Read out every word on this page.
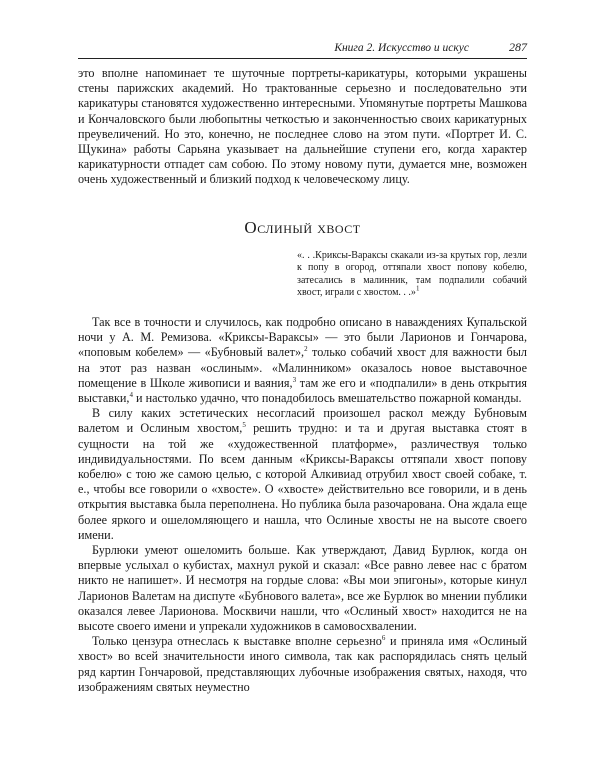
Книга 2. Искусство и искус	287

это вполне напоминает те шуточные портреты-карикатуры, которыми украшены стены парижских академий. Но трактованные серьезно и последовательно эти карикатуры становятся художественно интересными. Упомянутые портреты Машкова и Кончаловского были любопытны четкостью и законченностью своих карикатурных преувеличений. Но это, конечно, не последнее слово на этом пути. «Портрет И. С. Щукина» работы Сарьяна указывает на дальнейшие ступени его, когда характер карикатурности отпадет сам собою. По этому новому пути, думается мне, возможен очень художественный и близкий подход к человеческому лицу.

Ослиный хвост
«. . .Криксы-Вараксы скакали из-за крутых гор, лезли к попу в огород, оттяпали хвост попову кобелю, затесались в малинник, там подпалили собачий хвост, играли с хвостом. . .»$^1$

Так все в точности и случилось, как подробно описано в наваждениях Купальской ночи у А. М. Ремизова. «Криксы-Вараксы» — это были Ларионов и Гончарова, «поповым кобелем» — «Бубновый валет»,$^2$ только собачий хвост для важности был на этот раз назван «ослиным». «Малинником» оказалось новое выставочное помещение в Школе живописи и ваяния,$^3$ там же его и «подпалили» в день открытия выставки,$^4$ и настолько удачно, что понадобилось вмешательство пожарной команды.

В силу каких эстетических несогласий произошел раскол между Бубновым валетом и Ослиным хвостом,$^5$ решить трудно: и та и другая выставка стоят в сущности на той же «художественной платформе», различествуя только индивидуальностями. По всем данным «Криксы-Вараксы оттяпали хвост попову кобелю» с тою же самою целью, с которой Алкивиад отрубил хвост своей собаке, т. е., чтобы все говорили о «хвосте». О «хвосте» действительно все говорили, и в день открытия выставка была переполнена. Но публика была разочарована. Она ждала еще более яркого и ошеломляющего и нашла, что Ослиные хвосты не на высоте своего имени.

Бурлюки умеют ошеломить больше. Как утверждают, Давид Бурлюк, когда он впервые услыхал о кубистах, махнул рукой и сказал: «Все равно левее нас с братом никто не напишет». И несмотря на гордые слова: «Вы мои эпигоны», которые кинул Ларионов Валетам на диспуте «Бубнового валета», все же Бурлюк во мнении публики оказался левее Ларионова. Москвичи нашли, что «Ослиный хвост» находится не на высоте своего имени и упрекали художников в самовосхвалении.

Только цензура отнеслась к выставке вполне серьезно$^6$ и приняла имя «Ослиный хвост» во всей значительности иного символа, так как распорядилась снять целый ряд картин Гончаровой, представляющих лубочные изображения святых, находя, что изображениям святых неуместно
